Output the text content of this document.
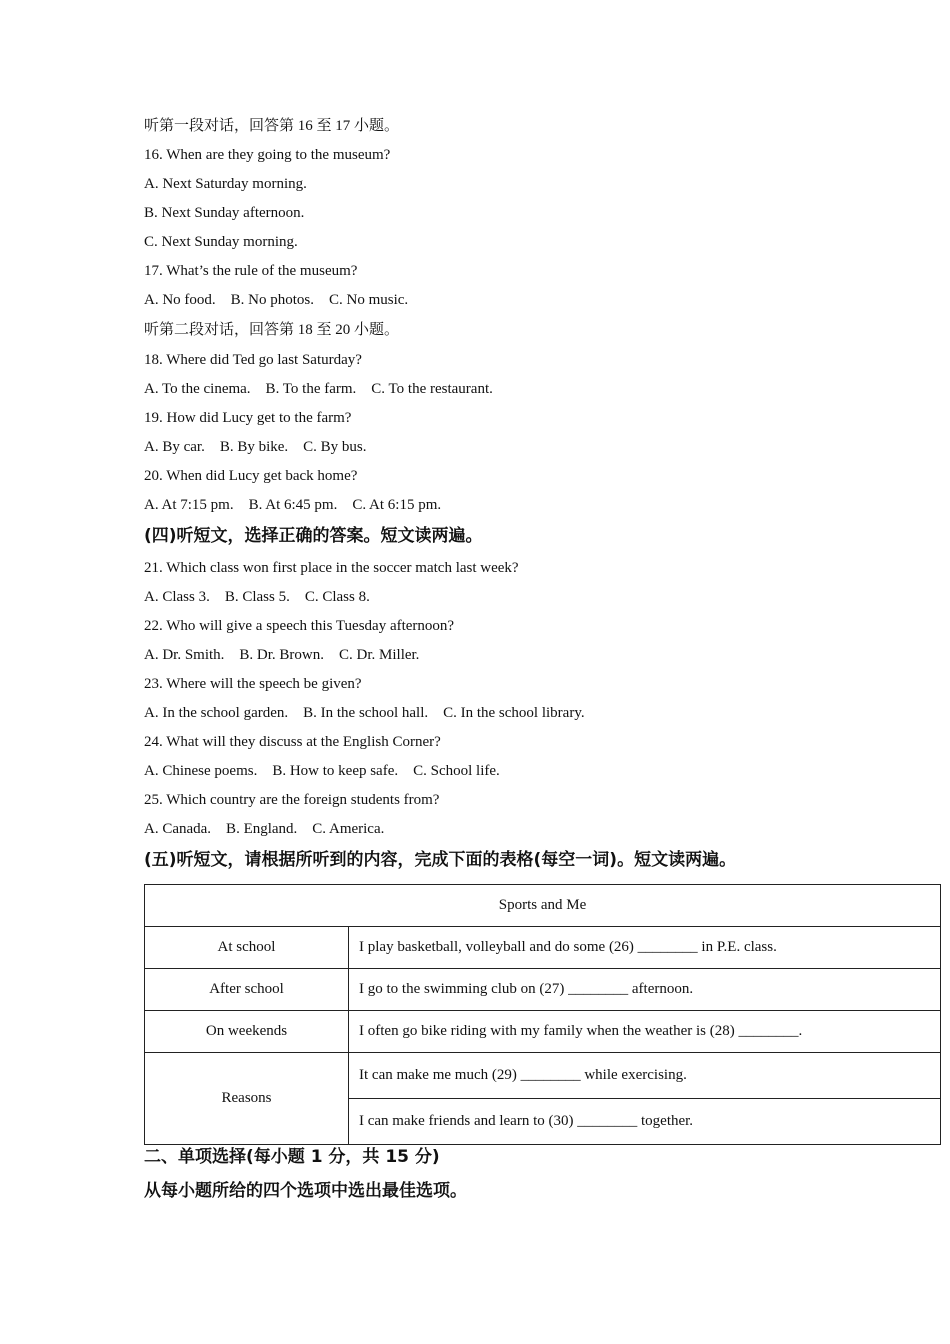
听第一段对话，回答第 16 至 17 小题。
16. When are they going to the museum?
A. Next Saturday morning.
B. Next Sunday afternoon.
C. Next Sunday morning.
17. What’s the rule of the museum?
A. No food.    B. No photos.    C. No music.
听第二段对话，回答第 18 至 20 小题。
18. Where did Ted go last Saturday?
A. To the cinema.    B. To the farm.    C. To the restaurant.
19. How did Lucy get to the farm?
A. By car.    B. By bike.    C. By bus.
20. When did Lucy get back home?
A. At 7:15 pm.    B. At 6:45 pm.    C. At 6:15 pm.
(四)听短文，选择正确的答案。短文读两遍。
21. Which class won first place in the soccer match last week?
A. Class 3.    B. Class 5.    C. Class 8.
22. Who will give a speech this Tuesday afternoon?
A. Dr. Smith.    B. Dr. Brown.    C. Dr. Miller.
23. Where will the speech be given?
A. In the school garden.    B. In the school hall.    C. In the school library.
24. What will they discuss at the English Corner?
A. Chinese poems.    B. How to keep safe.    C. School life.
25. Which country are the foreign students from?
A. Canada.    B. England.    C. America.
(五)听短文，请根据所听到的内容，完成下面的表格(每空一词)。短文读两遍。
Sports and Me	
At school	I play basketball, volleyball and do some (26) ________ in P.E. class.
After school	I go to the swimming club on (27) ________ afternoon.
On weekends	I often go bike riding with my family when the weather is (28) ________.
Reasons	It can make me much (29) ________ while exercising.
	I can make friends and learn to (30) ________ together.
二、单项选择(每小题 1 分，共 15 分)
从每小题所给的四个选项中选出最佳选项。
